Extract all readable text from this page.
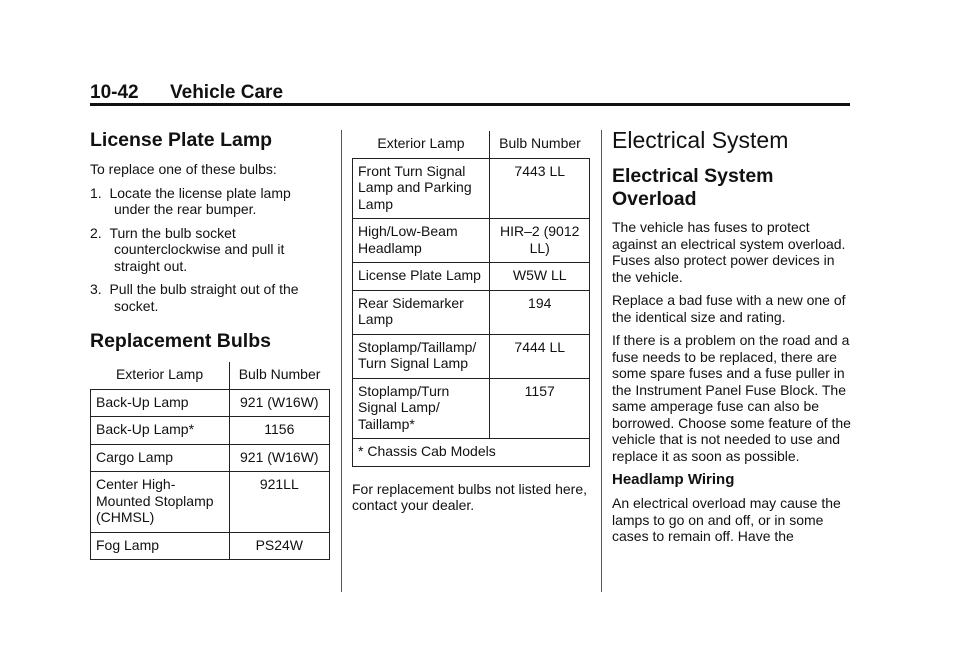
10-42 Vehicle Care
License Plate Lamp

To replace one of these bulbs:

1.  Locate the license plate lamp under the rear bumper.
2.  Turn the bulb socket counterclockwise and pull it straight out.
3.  Pull the bulb straight out of the socket.
Replacement Bulbs
Exterior Lamp	Bulb Number
Back-Up Lamp	921 (W16W)
Back-Up Lamp*	1156
Cargo Lamp	921 (W16W)
Center High-Mounted Stoplamp (CHMSL)	921LL
Fog Lamp	PS24W
Exterior Lamp	Bulb Number
Front Turn Signal Lamp and Parking Lamp	7443 LL
High/Low-Beam Headlamp	HIR–2 (9012 LL)
License Plate Lamp	W5W LL
Rear Sidemarker Lamp	194
Stoplamp/Taillamp/ Turn Signal Lamp	7444 LL
Stoplamp/Turn Signal Lamp/ Taillamp*	1157
* Chassis Cab Models	

For replacement bulbs not listed here, contact your dealer.

Electrical System
Electrical System Overload

The vehicle has fuses to protect against an electrical system overload. Fuses also protect power devices in the vehicle.

Replace a bad fuse with a new one of the identical size and rating.

If there is a problem on the road and a fuse needs to be replaced, there are some spare fuses and a fuse puller in the Instrument Panel Fuse Block. The same amperage fuse can also be borrowed. Choose some feature of the vehicle that is not needed to use and replace it as soon as possible.

Headlamp Wiring

An electrical overload may cause the lamps to go on and off, or in some cases to remain off. Have the
